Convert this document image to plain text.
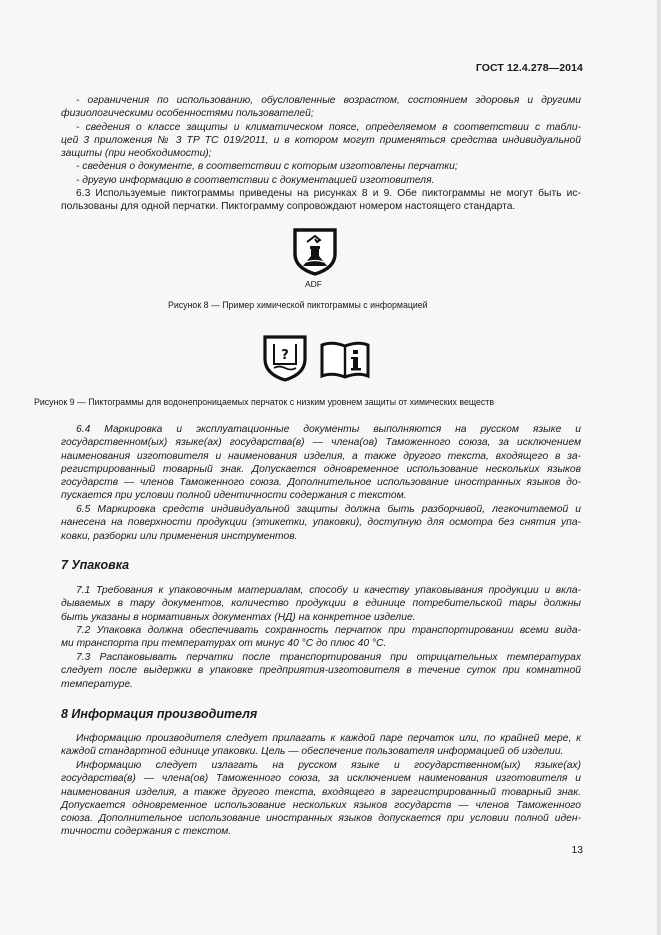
ГОСТ 12.4.278—2014

- ограничения по использованию, обусловленные возрастом, состоянием здоровья и другими

физиологическими особенностями пользователей;

- сведения о классе защиты и климатическом поясе, определяемом в соответствии с табли-

цей 3 приложения № 3 ТР ТС 019/2011, и в котором могут применяться средства индивидуальной

защиты (при необходимости);

- сведения о документе, в соответствии с которым изготовлены перчатки;

- другую информацию в соответствии с документацией изготовителя.

6.3 Используемые пиктограммы приведены на рисунках 8 и 9. Обе пиктограммы не могут быть ис-

пользованы для одной перчатки. Пиктограмму сопровождают номером настоящего стандарта.

ADF
Рисунок 8 — Пример химической пиктограммы с информацией
?
Рисунок 9 — Пиктограммы для водонепроницаемых перчаток с низким уровнем защиты от химических веществ

6.4 Маркировка и эксплуатационные документы выполняются на русском языке и

государственном(ых) языке(ах) государства(в) — члена(ов) Таможенного союза, за исключением

наименования изготовителя и наименования изделия, а также другого текста, входящего в за-

регистрированный товарный знак. Допускается одновременное использование нескольких языков

государств — членов Таможенного союза. Дополнительное использование иностранных языков до-

пускается при условии полной идентичности содержания с текстом.

6.5 Маркировка средств индивидуальной защиты должна быть разборчивой, легкочитаемой и

нанесена на поверхности продукции (этикетки, упаковки), доступную для осмотра без снятия упа-

ковки, разборки или применения инструментов.

7 Упаковка

7.1 Требования к упаковочным материалам, способу и качеству упаковывания продукции и вкла-

дываемых в тару документов, количество продукции в единице потребительской тары должны

быть указаны в нормативных документах (НД) на конкретное изделие.

7.2 Упаковка должна обеспечивать сохранность перчаток при транспортировании всеми вида-

ми транспорта при температурах от минус 40 °С до плюс 40 °С.

7.3 Распаковывать перчатки после транспортирования при отрицательных температурах

следует после выдержки в упаковке предприятия-изготовителя в течение суток при комнатной

температуре.

8 Информация производителя

Информацию производителя следует прилагать к каждой паре перчаток или, по крайней мере, к

каждой стандартной единице упаковки. Цель — обеспечение пользователя информацией об изделии.

Информацию следует излагать на русском языке и государственном(ых) языке(ах)

государства(в) — члена(ов) Таможенного союза, за исключением наименования изготовителя и

наименования изделия, а также другого текста, входящего в зарегистрированный товарный знак.

Допускается одновременное использование нескольких языков государств — членов Таможенного

союза. Дополнительное использование иностранных языков допускается при условии полной иден-

тичности содержания с текстом.

13
